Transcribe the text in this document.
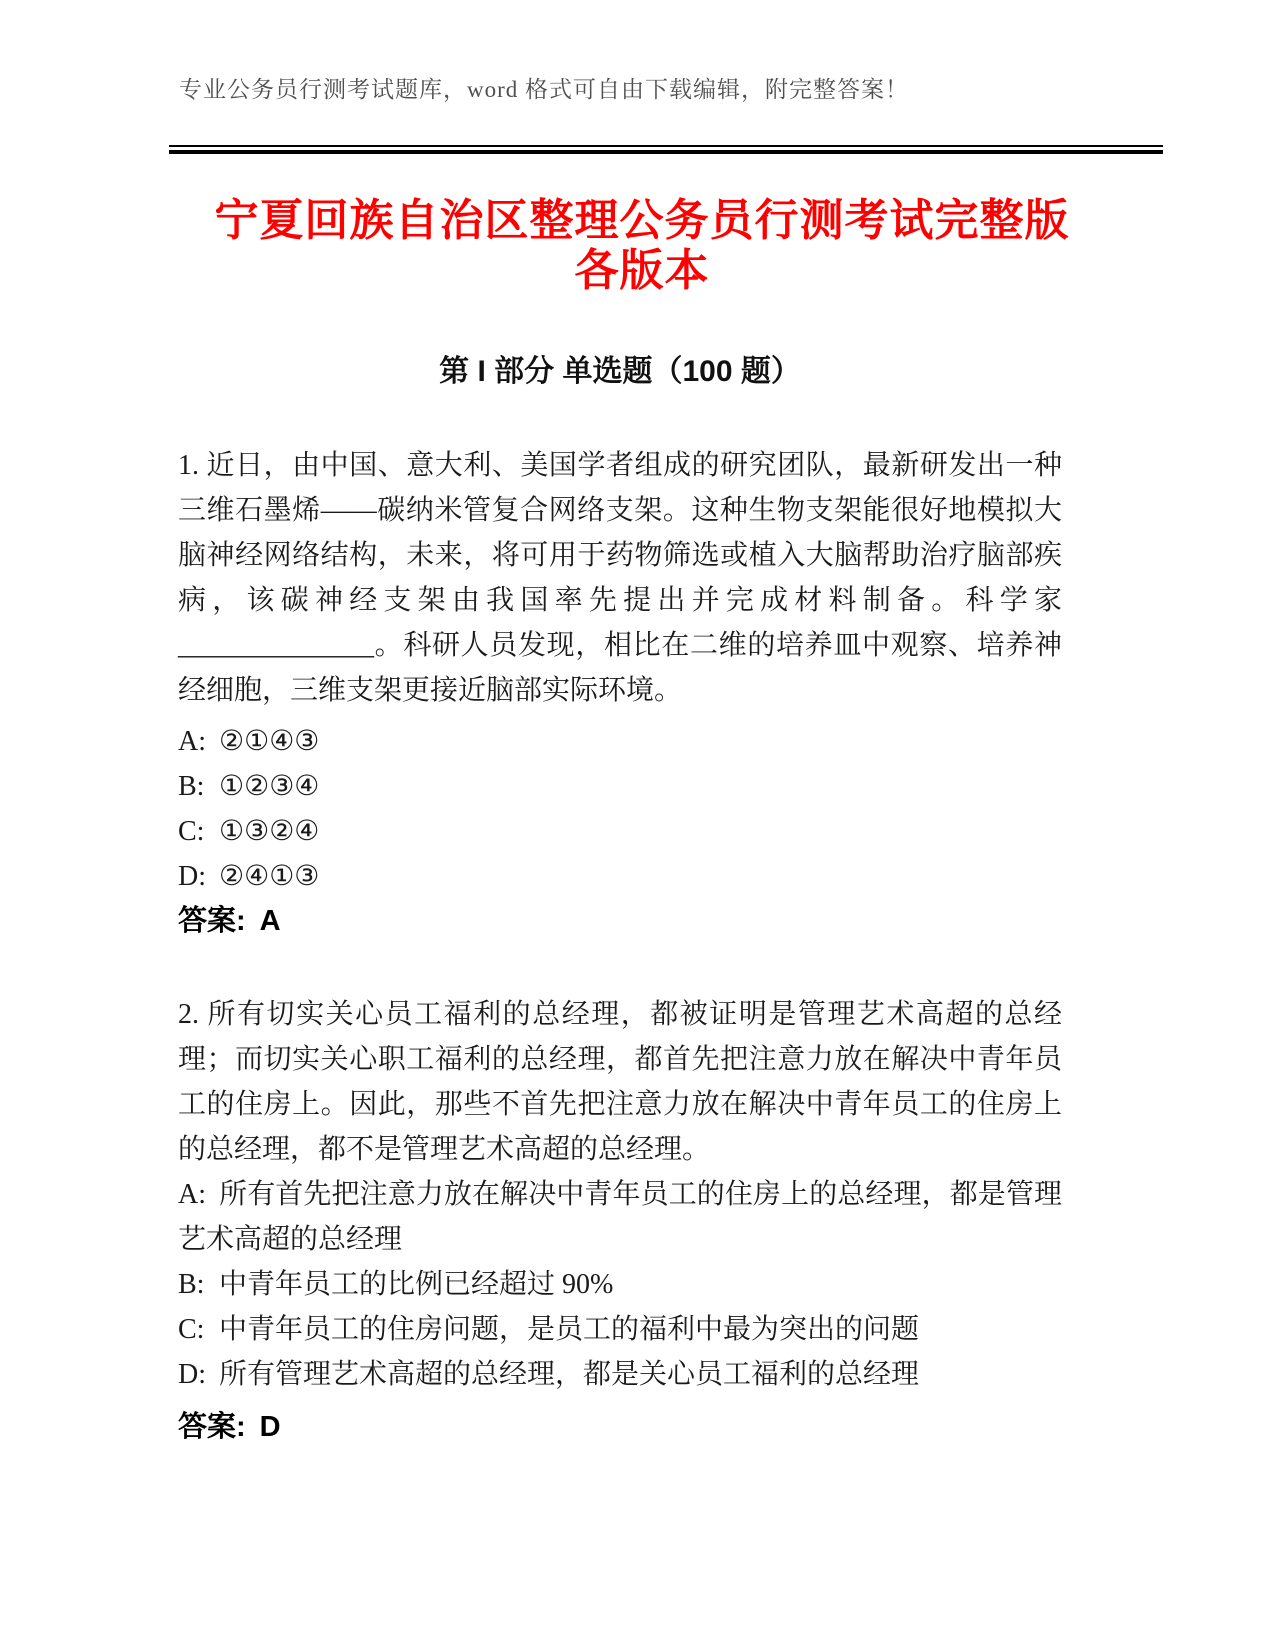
专业公务员行测考试题库，word 格式可自由下载编辑，附完整答案！
宁夏回族自治区整理公务员行测考试完整版
各版本
第 I 部分 单选题（100 题）

1. 近日，由中国、意大利、美国学者组成的研究团队，最新研发出一种三维石墨烯——碳纳米管复合网络支架。这种生物支架能很好地模拟大脑神经网络结构，未来，将可用于药物筛选或植入大脑帮助治疗脑部疾病，该碳神经支架由我国率先提出并完成材料制备。科学家______________。科研人员发现，相比在二维的培养皿中观察、培养神经细胞，三维支架更接近脑部实际环境。

A: ②①④③
B: ①②③④
C: ①③②④
D: ②④①③
答案: A

2. 所有切实关心员工福利的总经理，都被证明是管理艺术高超的总经理；而切实关心职工福利的总经理，都首先把注意力放在解决中青年员工的住房上。因此，那些不首先把注意力放在解决中青年员工的住房上的总经理，都不是管理艺术高超的总经理。

A: 所有首先把注意力放在解决中青年员工的住房上的总经理，都是管理艺术高超的总经理
B: 中青年员工的比例已经超过 90%
C: 中青年员工的住房问题，是员工的福利中最为突出的问题
D: 所有管理艺术高超的总经理，都是关心员工福利的总经理
答案: D
